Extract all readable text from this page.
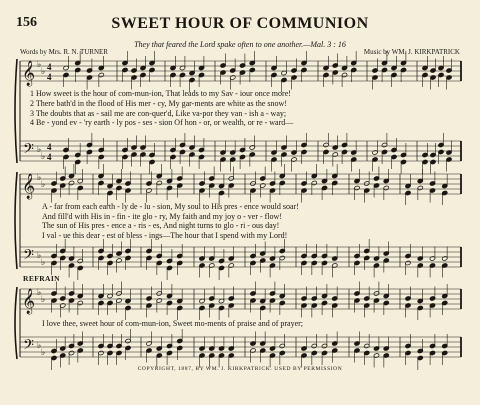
156	SWEET HOUR OF COMMUNION
They that feared the Lord spake often to one another.—Mal. 3 : 16
Words by Mrs. R. N. TURNER	Music by WM. J. KIRKPATRICK
𝄞
𝄢
♭
♭
♭
♭
4
4
4
4
𝄞
𝄢
♭
♭
♭
♭
𝄞
𝄢
♭
♭
♭
♭
1 How sweet is the hour of com-mun-ion, That leads to my Sav - iour once more!
2 There bath'd in the flood of His mer - cy, My gar-ments are white as the snow!
3 The doubts that as - sail me are con-quer'd, Like va-por they van - ish a - way;
4 Be - yond ev - 'ry earth - ly pos - ses - sion Of hon - or, or wealth, or re - ward—
A - far from each earth - ly de - lu - sion, My soul to His pres - ence would soar!
And fill'd with His in - fin - ite glo - ry, My faith and my joy o - ver - flow!
The sun of His pres - ence a - ris - es, And night turns to glo - ri - ous day!
I val - ue this dear - est of bless - ings—The hour that I spend with my Lord!
REFRAIN
I love thee, sweet hour of com-mun-ion, Sweet mo-ments of praise and of prayer;
COPYRIGHT, 1887, BY WM. J. KIRKPATRICK. USED BY PERMISSION
